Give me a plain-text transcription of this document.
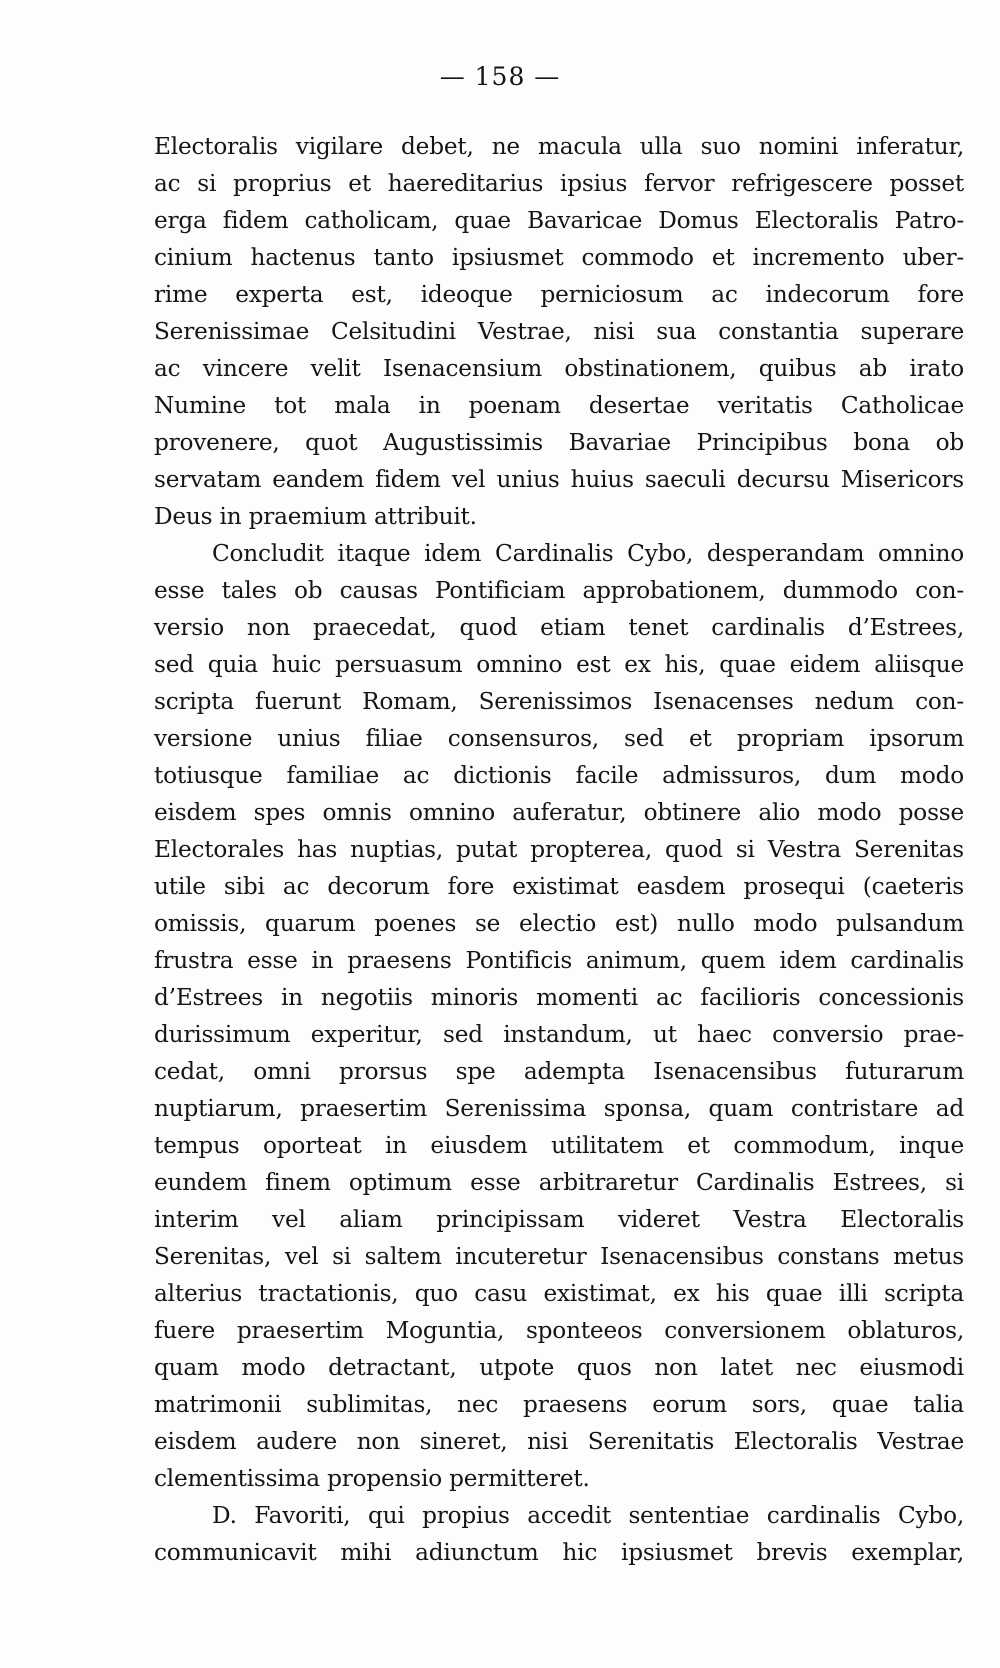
— 158 —
Electoralis vigilare debet, ne macula ulla suo nomini inferatur,
ac si proprius et haereditarius ipsius fervor refrigescere posset
erga fidem catholicam, quae Bavaricae Domus Electoralis Patro-
cinium hactenus tanto ipsiusmet commodo et incremento uber-
rime experta est, ideoque perniciosum ac indecorum fore
Serenissimae Celsitudini Vestrae, nisi sua constantia superare
ac vincere velit Isenacensium obstinationem, quibus ab irato
Numine tot mala in poenam desertae veritatis Catholicae
provenere, quot Augustissimis Bavariae Principibus bona ob
servatam eandem fidem vel unius huius saeculi decursu Misericors
Deus in praemium attribuit.
Concludit itaque idem Cardinalis Cybo, desperandam omnino
esse tales ob causas Pontificiam approbationem, dummodo con-
versio non praecedat, quod etiam tenet cardinalis d’Estrees,
sed quia huic persuasum omnino est ex his, quae eidem aliisque
scripta fuerunt Romam, Serenissimos Isenacenses nedum con-
versione unius filiae consensuros, sed et propriam ipsorum
totiusque familiae ac dictionis facile admissuros, dum modo
eisdem spes omnis omnino auferatur, obtinere alio modo posse
Electorales has nuptias, putat propterea, quod si Vestra Serenitas
utile sibi ac decorum fore existimat easdem prosequi (caeteris
omissis, quarum poenes se electio est) nullo modo pulsandum
frustra esse in praesens Pontificis animum, quem idem cardinalis
d’Estrees in negotiis minoris momenti ac facilioris concessionis
durissimum experitur, sed instandum, ut haec conversio prae-
cedat, omni prorsus spe adempta Isenacensibus futurarum
nuptiarum, praesertim Serenissima sponsa, quam contristare ad
tempus oporteat in eiusdem utilitatem et commodum, inque
eundem finem optimum esse arbitraretur Cardinalis Estrees, si
interim vel aliam principissam videret Vestra Electoralis
Serenitas, vel si saltem incuteretur Isenacensibus constans metus
alterius tractationis, quo casu existimat, ex his quae illi scripta
fuere praesertim Moguntia, sponteeos conversionem oblaturos,
quam modo detractant, utpote quos non latet nec eiusmodi
matrimonii sublimitas, nec praesens eorum sors, quae talia
eisdem audere non sineret, nisi Serenitatis Electoralis Vestrae
clementissima propensio permitteret.
D. Favoriti, qui propius accedit sententiae cardinalis Cybo,
communicavit mihi adiunctum hic ipsiusmet brevis exemplar,
